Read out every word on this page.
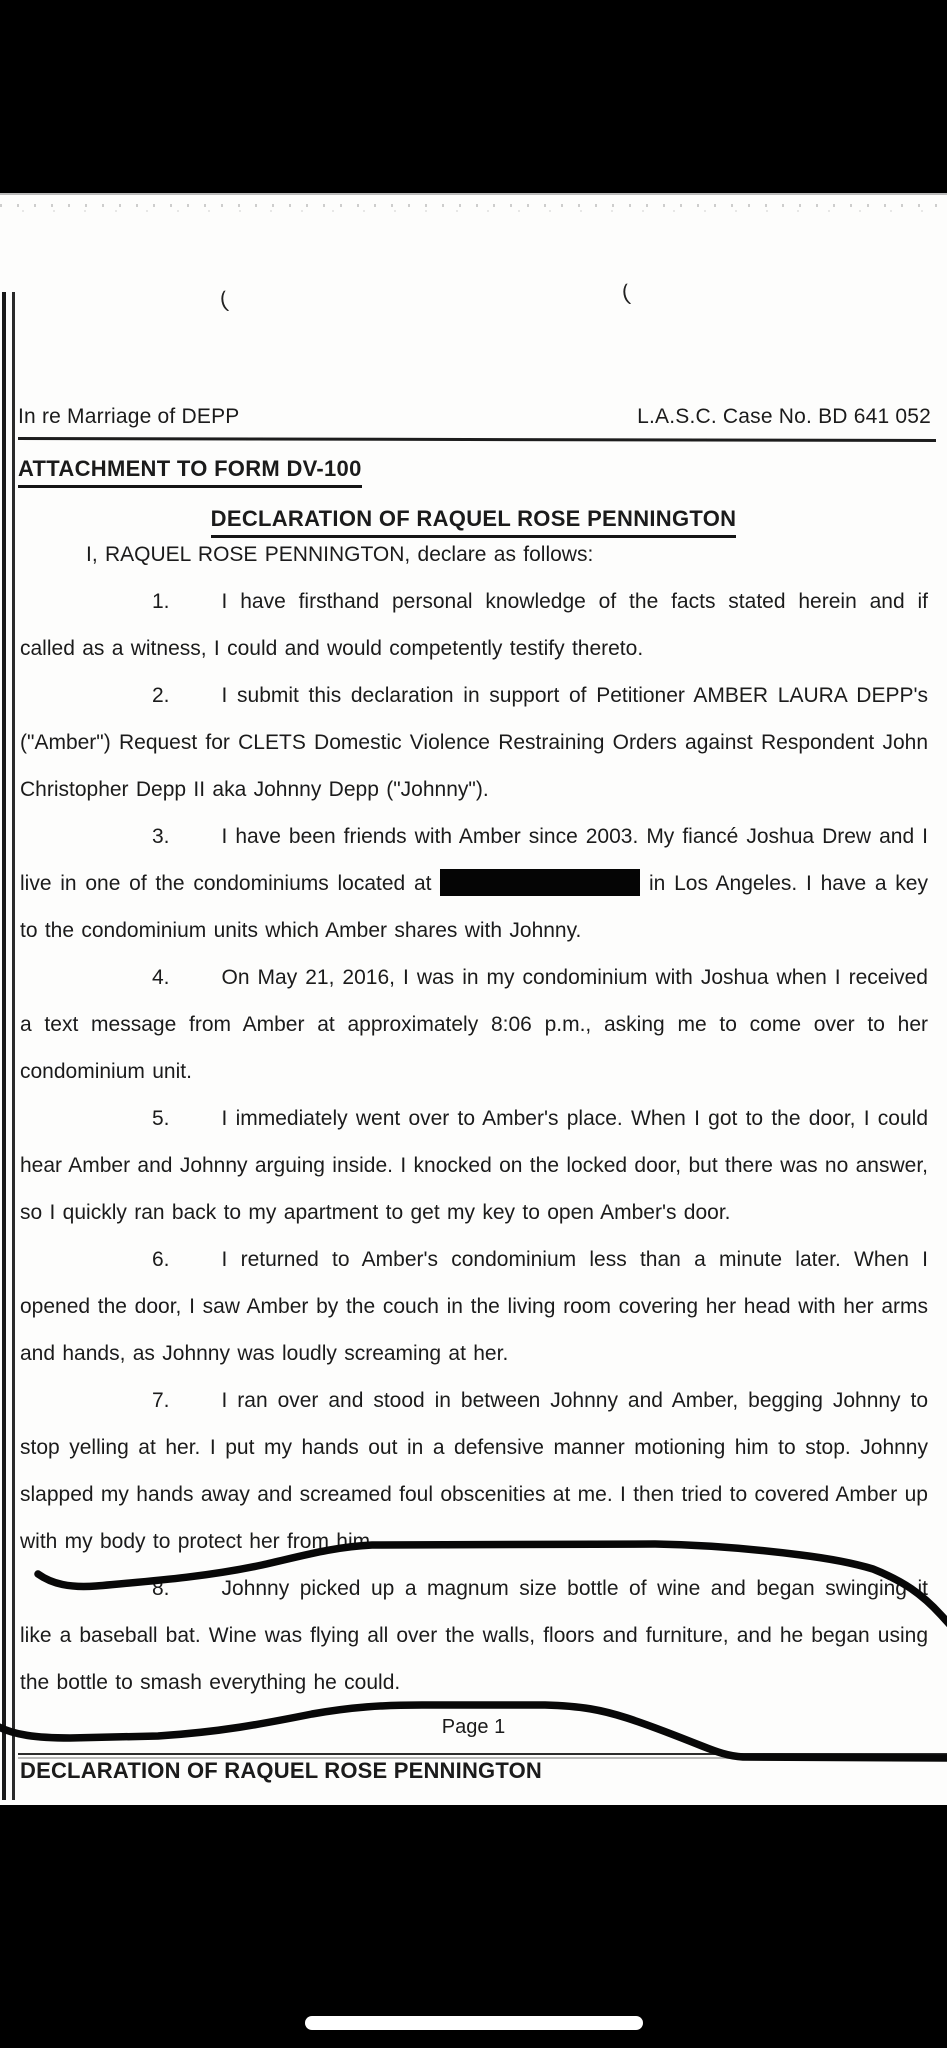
(	(
In re Marriage of DEPP	L.A.S.C. Case No. BD 641 052
ATTACHMENT TO FORM DV-100
DECLARATION OF RAQUEL ROSE PENNINGTON

I, RAQUEL ROSE PENNINGTON, declare as follows:

1. I have firsthand personal knowledge of the facts stated herein and if called as a witness, I could and would competently testify thereto.

2. I submit this declaration in support of Petitioner AMBER LAURA DEPP's ("Amber") Request for CLETS Domestic Violence Restraining Orders against Respondent John Christopher Depp II aka Johnny Depp ("Johnny").

3. I have been friends with Amber since 2003. My fiancé Joshua Drew and I live in one of the condominiums located at	in Los Angeles. I have a key to the condominium units which Amber shares with Johnny.

4. On May 21, 2016, I was in my condominium with Joshua when I received a text message from Amber at approximately 8:06 p.m., asking me to come over to her condominium unit.

5. I immediately went over to Amber's place. When I got to the door, I could hear Amber and Johnny arguing inside. I knocked on the locked door, but there was no answer, so I quickly ran back to my apartment to get my key to open Amber's door.

6. I returned to Amber's condominium less than a minute later. When I opened the door, I saw Amber by the couch in the living room covering her head with her arms and hands, as Johnny was loudly screaming at her.

7. I ran over and stood in between Johnny and Amber, begging Johnny to stop yelling at her. I put my hands out in a defensive manner motioning him to stop. Johnny slapped my hands away and screamed foul obscenities at me. I then tried to covered Amber up with my body to protect her from him.

8. Johnny picked up a magnum size bottle of wine and began swinging it like a baseball bat. Wine was flying all over the walls, floors and furniture, and he began using the bottle to smash everything he could.

Page 1
DECLARATION OF RAQUEL ROSE PENNINGTON
